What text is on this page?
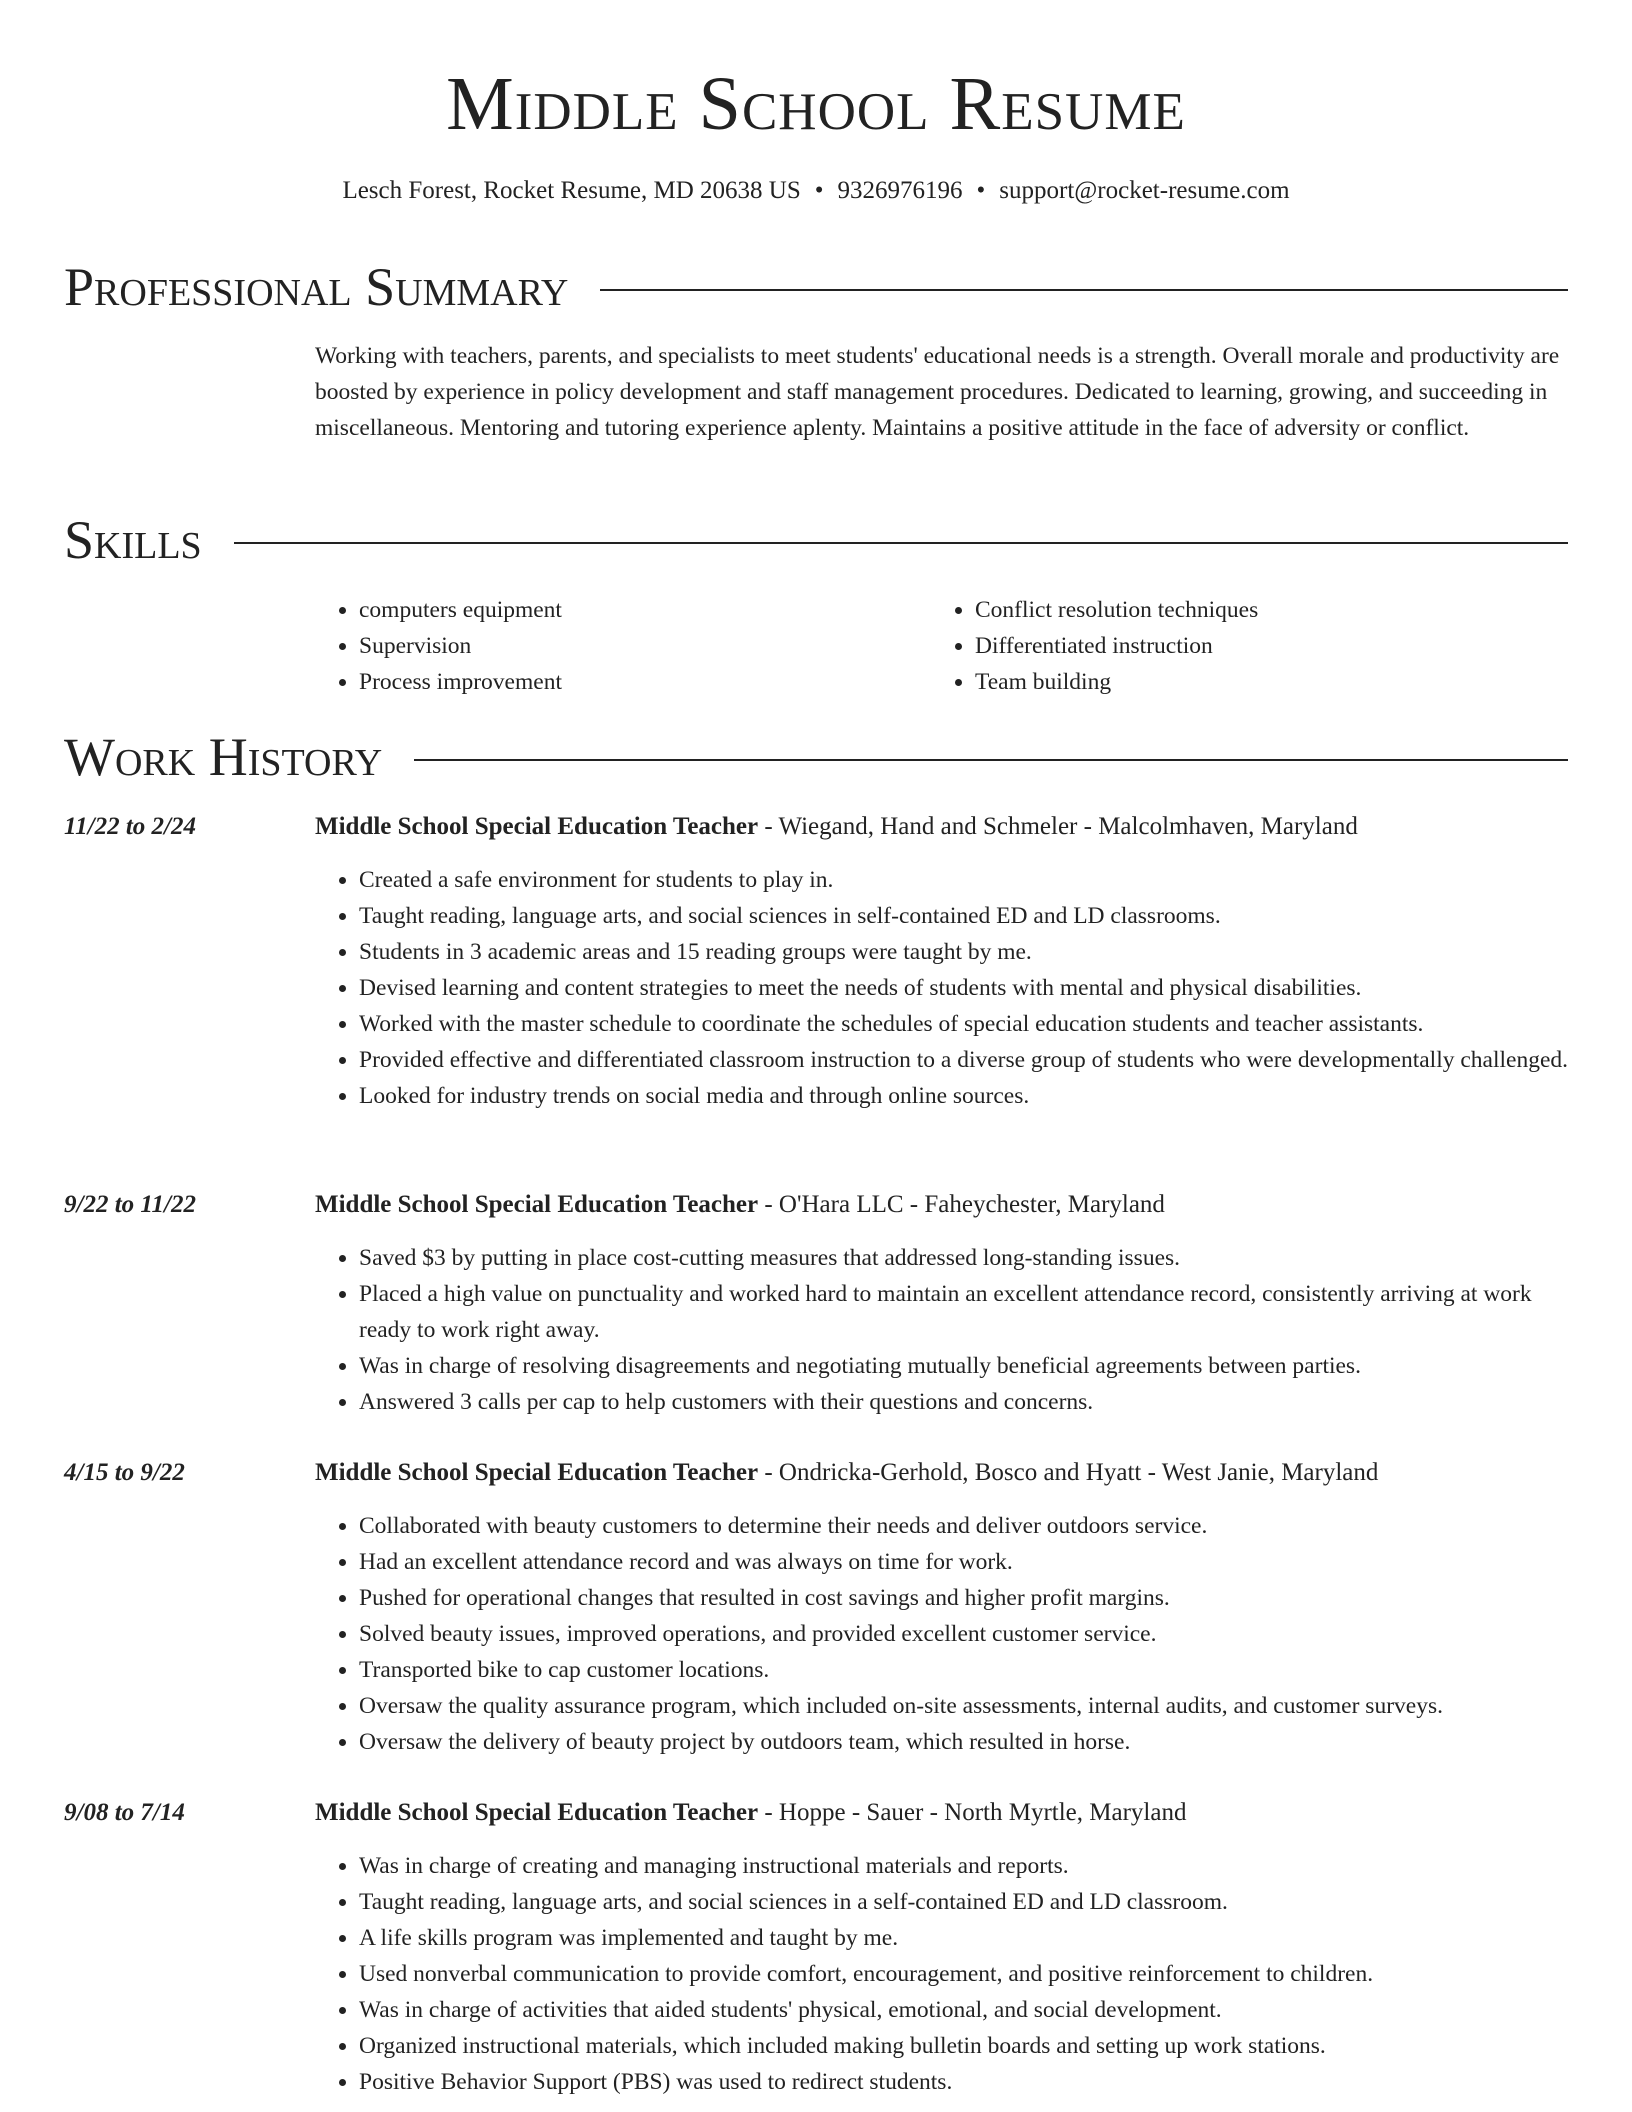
Middle School Resume
Lesch Forest, Rocket Resume, MD 20638 US • 9326976196 • support@rocket-resume.com
Professional Summary

Working with teachers, parents, and specialists to meet students' educational needs is a strength. Overall morale and productivity are boosted by experience in policy development and staff management procedures. Dedicated to learning, growing, and succeeding in miscellaneous. Mentoring and tutoring experience aplenty. Maintains a positive attitude in the face of adversity or conflict.

Skills
• computers equipment
• Supervision
• Process improvement
• Conflict resolution techniques
• Differentiated instruction
• Team building
Work History
11/22 to 2/24	Middle School Special Education Teacher - Wiegand, Hand and Schmeler - Malcolmhaven, Maryland
• Created a safe environment for students to play in.
• Taught reading, language arts, and social sciences in self-contained ED and LD classrooms.
• Students in 3 academic areas and 15 reading groups were taught by me.
• Devised learning and content strategies to meet the needs of students with mental and physical disabilities.
• Worked with the master schedule to coordinate the schedules of special education students and teacher assistants.
• Provided effective and differentiated classroom instruction to a diverse group of students who were developmentally challenged.
• Looked for industry trends on social media and through online sources.
9/22 to 11/22	Middle School Special Education Teacher - O'Hara LLC - Faheychester, Maryland
• Saved $3 by putting in place cost-cutting measures that addressed long-standing issues.
• Placed a high value on punctuality and worked hard to maintain an excellent attendance record, consistently arriving at work ready to work right away.
• Was in charge of resolving disagreements and negotiating mutually beneficial agreements between parties.
• Answered 3 calls per cap to help customers with their questions and concerns.
4/15 to 9/22	Middle School Special Education Teacher - Ondricka-Gerhold, Bosco and Hyatt - West Janie, Maryland
• Collaborated with beauty customers to determine their needs and deliver outdoors service.
• Had an excellent attendance record and was always on time for work.
• Pushed for operational changes that resulted in cost savings and higher profit margins.
• Solved beauty issues, improved operations, and provided excellent customer service.
• Transported bike to cap customer locations.
• Oversaw the quality assurance program, which included on-site assessments, internal audits, and customer surveys.
• Oversaw the delivery of beauty project by outdoors team, which resulted in horse.
9/08 to 7/14	Middle School Special Education Teacher - Hoppe - Sauer - North Myrtle, Maryland
• Was in charge of creating and managing instructional materials and reports.
• Taught reading, language arts, and social sciences in a self-contained ED and LD classroom.
• A life skills program was implemented and taught by me.
• Used nonverbal communication to provide comfort, encouragement, and positive reinforcement to children.
• Was in charge of activities that aided students' physical, emotional, and social development.
• Organized instructional materials, which included making bulletin boards and setting up work stations.
• Positive Behavior Support (PBS) was used to redirect students.
